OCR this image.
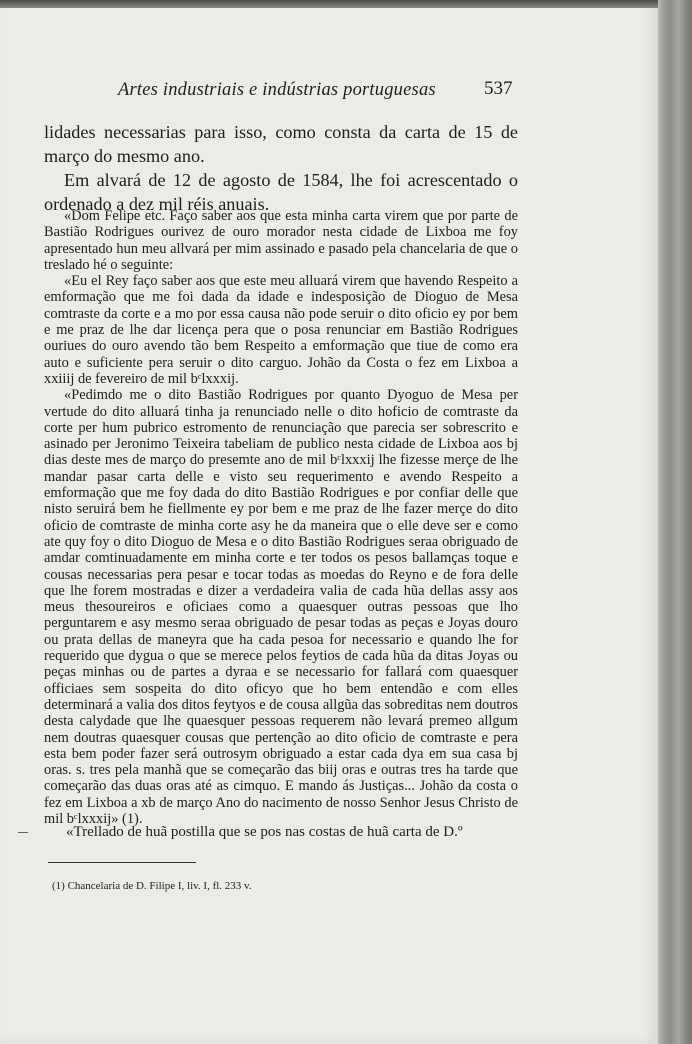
Artes industriais e indústrias portuguesas	537

lidades necessarias para isso, como consta da carta de 15 de março do mesmo ano.

Em alvará de 12 de agosto de 1584, lhe foi acrescentado o ordenado a dez mil réis anuais.

«Dom Felipe etc. Faço saber aos que esta minha carta virem que por parte de Bastião Rodrigues ourivez de ouro morador nesta cidade de Lixboa me foy apresentado hun meu allvará per mim assinado e pasado pela chancelaria de que o treslado hé o seguinte:

«Eu el Rey faço saber aos que este meu alluará virem que havendo Respeito a emformação que me foi dada da idade e indesposição de Dioguo de Mesa comtraste da corte e a mo por essa causa não pode seruir o dito oficio ey por bem e me praz de lhe dar licença pera que o posa renunciar em Bastião Rodrigues ouriues do ouro avendo tão bem Respeito a emformação que tiue de como era auto e suficiente pera seruir o dito carguo. Johão da Costa o fez em Lixboa a xxiiij de fevereiro de mil bᶜlxxxij.

«Pedimdo me o dito Bastião Rodrigues por quanto Dyoguo de Mesa per vertude do dito alluará tinha ja renunciado nelle o dito hoficio de comtraste da corte per hum pubrico estromento de renunciação que parecia ser sobrescrito e asinado per Jeronimo Teixeira tabeliam de publico nesta cidade de Lixboa aos bj dias deste mes de março do presemte ano de mil bᶜlxxxij lhe fizesse merçe de lhe mandar pasar carta delle e visto seu requerimento e avendo Respeito a emformação que me foy dada do dito Bastião Rodrigues e por confiar delle que nisto seruirá bem he fiellmente ey por bem e me praz de lhe fazer merçe do dito oficio de comtraste de minha corte asy he da maneira que o elle deve ser e como ate quy foy o dito Dioguo de Mesa e o dito Bastião Rodrigues seraa obriguado de amdar comtinuadamente em minha corte e ter todos os pesos ballamças toque e cousas necessarias pera pesar e tocar todas as moedas do Reyno e de fora delle que lhe forem mostradas e dizer a verdadeira valia de cada hũa dellas assy aos meus thesoureiros e oficiaes como a quaesquer outras pessoas que lho perguntarem e asy mesmo seraa obriguado de pesar todas as peças e Joyas douro ou prata dellas de maneyra que ha cada pesoa for necessario e quando lhe for requerido que dygua o que se merece pelos feytios de cada hũa da ditas Joyas ou peças minhas ou de partes a dyraa e se necessario for fallará com quaesquer officiaes sem sospeita do dito oficyo que ho bem entendão e com elles determinará a valia dos ditos feytyos e de cousa allgũa das sobreditas nem doutros desta calydade que lhe quaesquer pessoas requerem não levará premeo allgum nem doutras quaesquer cousas que pertenção ao dito oficio de comtraste e pera esta bem poder fazer será outrosym obriguado a estar cada dya em sua casa bj oras. s. tres pela manhã que se começarão das biij oras e outras tres ha tarde que começarão das duas oras até as cimquo. E mando ás Justiças... Johão da costa o fez em Lixboa a xb de março Ano do nacimento de nosso Senhor Jesus Christo de mil bᶜlxxxij» (1).

«Trellado de huã postilla que se pos nas costas de huã carta de D.º
(1) Chancelaria de D. Filipe I, liv. I, fl. 233 v.
